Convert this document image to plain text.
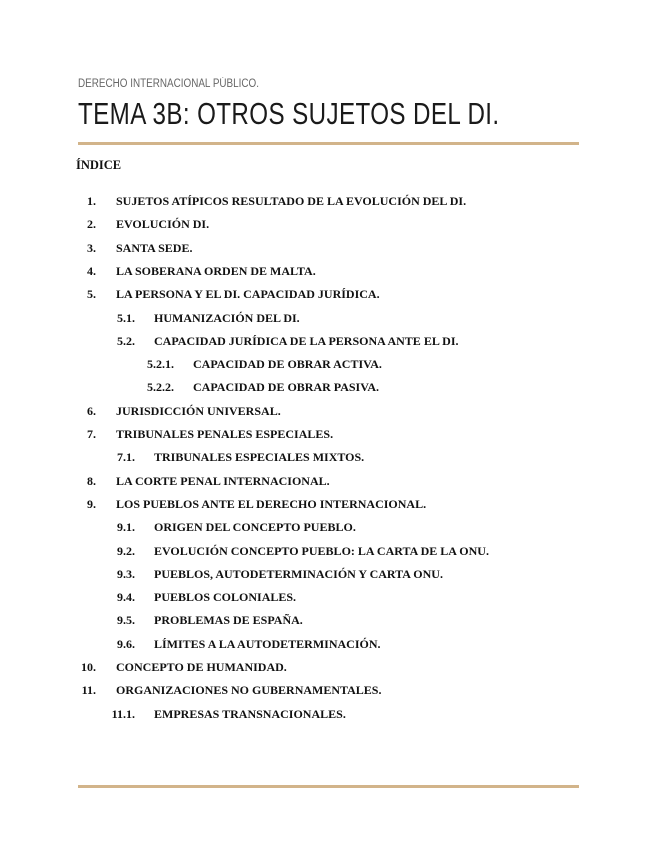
DERECHO INTERNACIONAL PÚBLICO.
TEMA 3B: OTROS SUJETOS DEL DI.
ÍNDICE
1. SUJETOS ATÍPICOS RESULTADO DE LA EVOLUCIÓN DEL DI.
2. EVOLUCIÓN DI.
3. SANTA SEDE.
4. LA SOBERANA ORDEN DE MALTA.
5. LA PERSONA Y EL DI. CAPACIDAD JURÍDICA.
5.1. HUMANIZACIÓN DEL DI.
5.2. CAPACIDAD JURÍDICA DE LA PERSONA ANTE EL DI.
5.2.1. CAPACIDAD DE OBRAR ACTIVA.
5.2.2. CAPACIDAD DE OBRAR PASIVA.
6. JURISDICCIÓN UNIVERSAL.
7. TRIBUNALES PENALES ESPECIALES.
7.1. TRIBUNALES ESPECIALES MIXTOS.
8. LA CORTE PENAL INTERNACIONAL.
9. LOS PUEBLOS ANTE EL DERECHO INTERNACIONAL.
9.1. ORIGEN DEL CONCEPTO PUEBLO.
9.2. EVOLUCIÓN CONCEPTO PUEBLO: LA CARTA DE LA ONU.
9.3. PUEBLOS, AUTODETERMINACIÓN Y CARTA ONU.
9.4. PUEBLOS COLONIALES.
9.5. PROBLEMAS DE ESPAÑA.
9.6. LÍMITES A LA AUTODETERMINACIÓN.
10. CONCEPTO DE HUMANIDAD.
11. ORGANIZACIONES NO GUBERNAMENTALES.
11.1. EMPRESAS TRANSNACIONALES.
